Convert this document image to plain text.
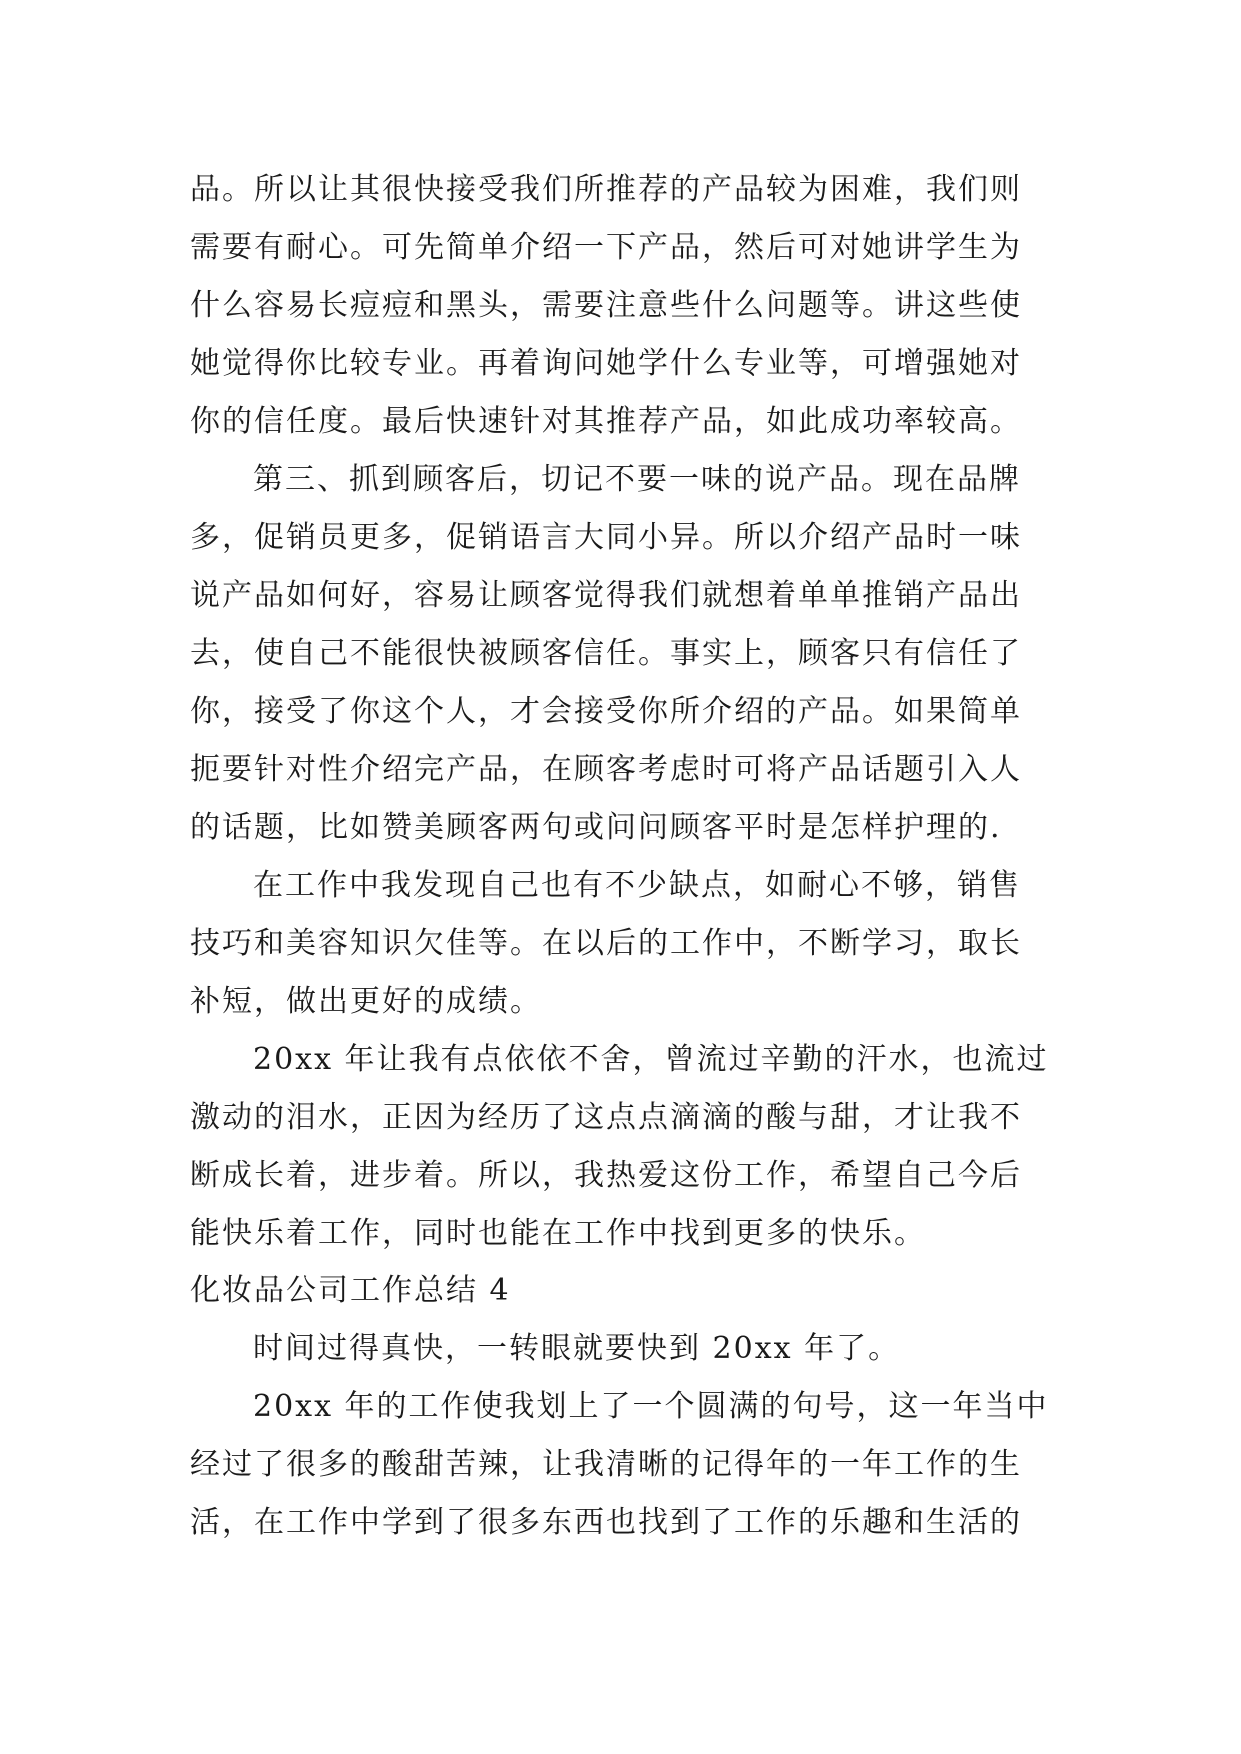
品。所以让其很快接受我们所推荐的产品较为困难，我们则
需要有耐心。可先简单介绍一下产品，然后可对她讲学生为
什么容易长痘痘和黑头，需要注意些什么问题等。讲这些使
她觉得你比较专业。再着询问她学什么专业等，可增强她对
你的信任度。最后快速针对其推荐产品，如此成功率较高。
第三、抓到顾客后，切记不要一味的说产品。现在品牌
多，促销员更多，促销语言大同小异。所以介绍产品时一味
说产品如何好，容易让顾客觉得我们就想着单单推销产品出
去，使自己不能很快被顾客信任。事实上，顾客只有信任了
你，接受了你这个人，才会接受你所介绍的产品。如果简单
扼要针对性介绍完产品，在顾客考虑时可将产品话题引入人
的话题，比如赞美顾客两句或问问顾客平时是怎样护理的.
在工作中我发现自己也有不少缺点，如耐心不够，销售
技巧和美容知识欠佳等。在以后的工作中，不断学习，取长
补短，做出更好的成绩。
20xx 年让我有点依依不舍，曾流过辛勤的汗水，也流过
激动的泪水，正因为经历了这点点滴滴的酸与甜，才让我不
断成长着，进步着。所以，我热爱这份工作，希望自己今后
能快乐着工作，同时也能在工作中找到更多的快乐。
化妆品公司工作总结 4
时间过得真快，一转眼就要快到 20xx 年了。
20xx 年的工作使我划上了一个圆满的句号，这一年当中
经过了很多的酸甜苦辣，让我清晰的记得年的一年工作的生
活，在工作中学到了很多东西也找到了工作的乐趣和生活的
